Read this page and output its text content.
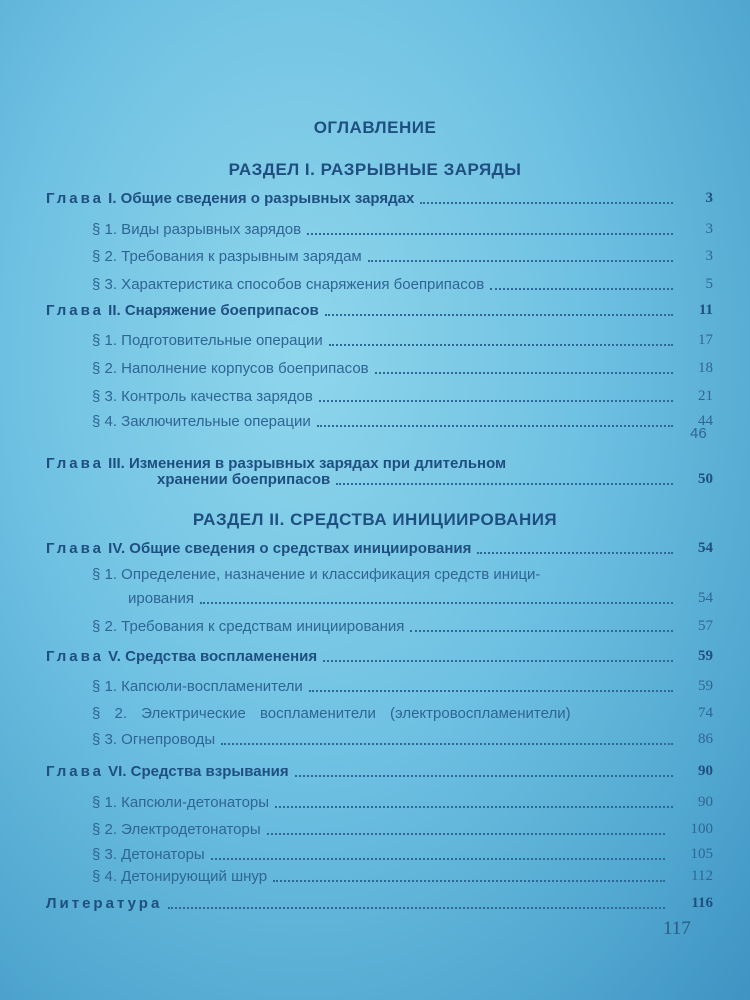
ОГЛАВЛЕНИЕ
РАЗДЕЛ I. РАЗРЫВНЫЕ ЗАРЯДЫ
Глава I. Общие сведения о разрывных зарядах	3
§ 1. Виды разрывных зарядов	3
§ 2. Требования к разрывным зарядам	3
§ 3. Характеристика способов снаряжения боеприпасов	5
Глава II. Снаряжение боеприпасов	11
§ 1. Подготовительные операции	17
§ 2. Наполнение корпусов боеприпасов	18
§ 3. Контроль качества зарядов	21
§ 4. Заключительные операции	44
46
Глава III. Изменения в разрывных зарядах при длительном
хранении боеприпасов	50
РАЗДЕЛ II. СРЕДСТВА ИНИЦИИРОВАНИЯ
Глава IV. Общие сведения о средствах инициирования	54
§ 1. Определение, назначение и классификация средств иници-
ирования	54
§ 2. Требования к средствам инициирования	57
Глава V. Средства воспламенения	59
§ 1. Капсюли-воспламенители	59
§ 2. Электрические воспламенители (электровоспламенители)	74
§ 3. Огнепроводы	86
Глава VI. Средства взрывания	90
§ 1. Капсюли-детонаторы	90
§ 2. Электродетонаторы	100
§ 3. Детонаторы	105
§ 4. Детонирующий шнур	112
Литература	116
117
